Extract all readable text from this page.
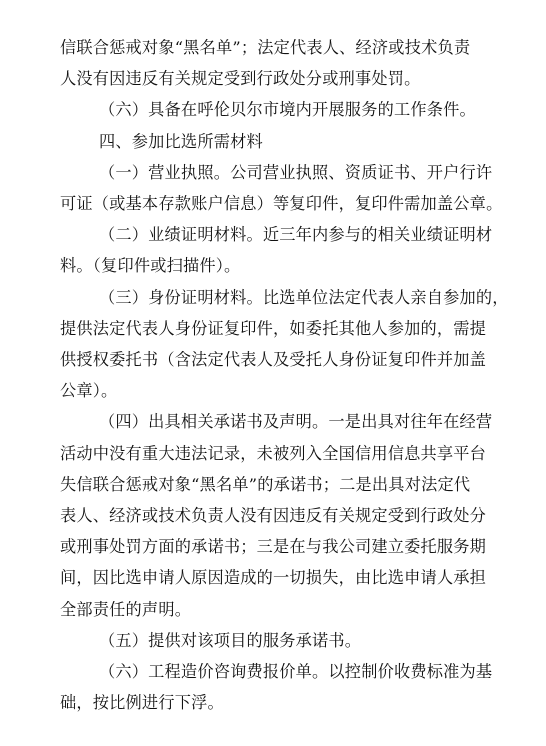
信联合惩戒对象“黑名单”；法定代表人、经济或技术负责
人没有因违反有关规定受到行政处分或刑事处罚。
（六）具备在呼伦贝尔市境内开展服务的工作条件。
四、参加比选所需材料
（一）营业执照。公司营业执照、资质证书、开户行许
可证（或基本存款账户信息）等复印件，复印件需加盖公章。
（二）业绩证明材料。近三年内参与的相关业绩证明材
料。（复印件或扫描件）。
（三）身份证明材料。比选单位法定代表人亲自参加的，
提供法定代表人身份证复印件，如委托其他人参加的，需提
供授权委托书（含法定代表人及受托人身份证复印件并加盖
公章）。
（四）出具相关承诺书及声明。一是出具对往年在经营
活动中没有重大违法记录，未被列入全国信用信息共享平台
失信联合惩戒对象“黑名单”的承诺书；二是出具对法定代
表人、经济或技术负责人没有因违反有关规定受到行政处分
或刑事处罚方面的承诺书；三是在与我公司建立委托服务期
间，因比选申请人原因造成的一切损失，由比选申请人承担
全部责任的声明。
（五）提供对该项目的服务承诺书。
（六）工程造价咨询费报价单。以控制价收费标准为基
础，按比例进行下浮。
